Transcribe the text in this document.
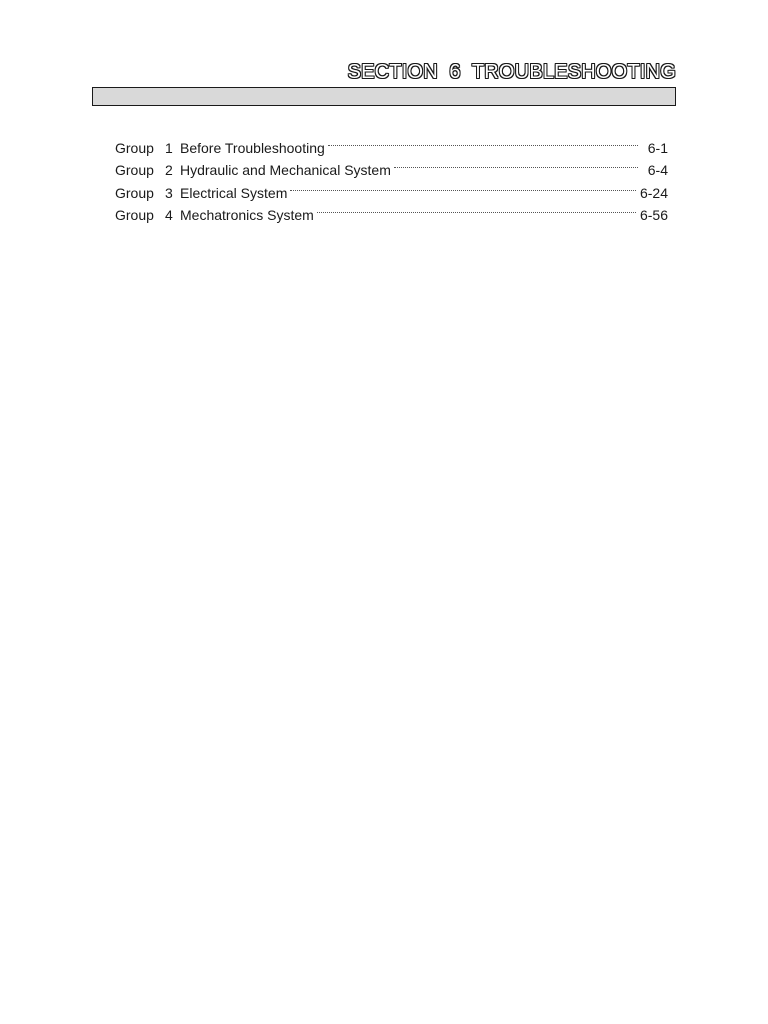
SECTION  6  TROUBLESHOOTING
Group 1 Before Troubleshooting	6-1
Group 2 Hydraulic and Mechanical System	6-4
Group 3 Electrical System	6-24
Group 4 Mechatronics System	6-56
